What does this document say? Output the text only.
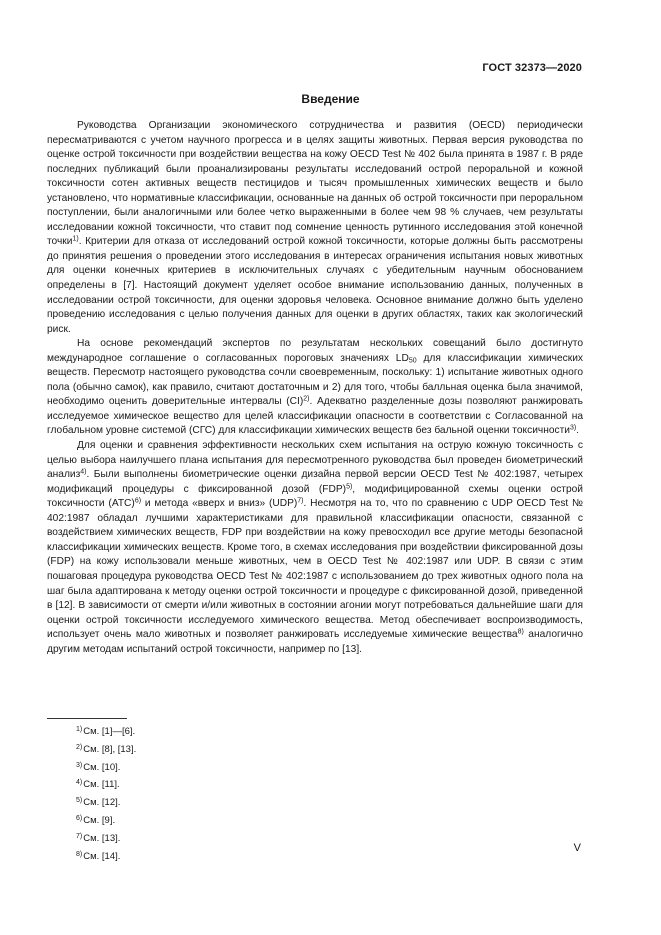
ГОСТ 32373—2020
Введение

Руководства Организации экономического сотрудничества и развития (OECD) периодически пересматриваются с учетом научного прогресса и в целях защиты животных. Первая версия руководства по оценке острой токсичности при воздействии вещества на кожу OECD Test № 402 была принята в 1987 г. В ряде последних публикаций были проанализированы результаты исследований острой пероральной и кожной токсичности сотен активных веществ пестицидов и тысяч промышленных химических веществ и было установлено, что нормативные классификации, основанные на данных об острой токсичности при пероральном поступлении, были аналогичными или более четко выраженными в более чем 98 % случаев, чем результаты исследовании кожной токсичности, что ставит под сомнение ценность рутинного исследования этой конечной точки$^{1)}$. Критерии для отказа от исследований острой кожной токсичности, которые должны быть рассмотрены до принятия решения о проведении этого исследования в интересах ограничения испытания новых животных для оценки конечных критериев в исключительных случаях с убедительным научным обоснованием определены в [7]. Настоящий документ уделяет особое внимание использованию данных, полученных в исследовании острой токсичности, для оценки здоровья человека. Основное внимание должно быть уделено проведению исследования с целью получения данных для оценки в других областях, таких как экологический риск.

На основе рекомендаций экспертов по результатам нескольких совещаний было достигнуто международное соглашение о согласованных пороговых значениях $LD_{50}$ для классификации химических веществ. Пересмотр настоящего руководства сочли своевременным, поскольку: 1) испытание животных одного пола (обычно самок), как правило, считают достаточным и 2) для того, чтобы балльная оценка была значимой, необходимо оценить доверительные интервалы (CI)$^{2)}$. Адекватно разделенные дозы позволяют ранжировать исследуемое химическое вещество для целей классификации опасности в соответствии с Согласованной на глобальном уровне системой (СГС) для классификации химических веществ без бальной оценки токсичности$^{3)}$.

Для оценки и сравнения эффективности нескольких схем испытания на острую кожную токсичность с целью выбора наилучшего плана испытания для пересмотренного руководства был проведен биометрический анализ$^{4)}$. Были выполнены биометрические оценки дизайна первой версии OECD Test № 402:1987, четырех модификаций процедуры с фиксированной дозой (FDP)$^{5)}$, модифицированной схемы оценки острой токсичности (АТС)$^{6)}$ и метода «вверх и вниз» (UDP)$^{7)}$. Несмотря на то, что по сравнению с UDP OECD Test № 402:1987 обладал лучшими характеристиками для правильной классификации опасности, связанной с воздействием химических веществ, FDP при воздействии на кожу превосходил все другие методы безопасной классификации химических веществ. Кроме того, в схемах исследования при воздействии фиксированной дозы (FDP) на кожу использовали меньше животных, чем в OECD Test № 402:1987 или UDP. В связи с этим пошаговая процедура руководства OECD Test № 402:1987 с использованием до трех животных одного пола на шаг была адаптирована к методу оценки острой токсичности и процедуре с фиксированной дозой, приведенной в [12]. В зависимости от смерти и/или животных в состоянии агонии могут потребоваться дальнейшие шаги для оценки острой токсичности исследуемого химического вещества. Метод обеспечивает воспроизводимость, использует очень мало животных и позволяет ранжировать исследуемые химические вещества$^{8)}$ аналогично другим методам испытаний острой токсичности, например по [13].

$^{1)}$См. [1]—[6].
$^{2)}$См. [8], [13].
$^{3)}$См. [10].
$^{4)}$См. [11].
$^{5)}$См. [12].
$^{6)}$См. [9].
$^{7)}$См. [13].
$^{8)}$См. [14].
V
